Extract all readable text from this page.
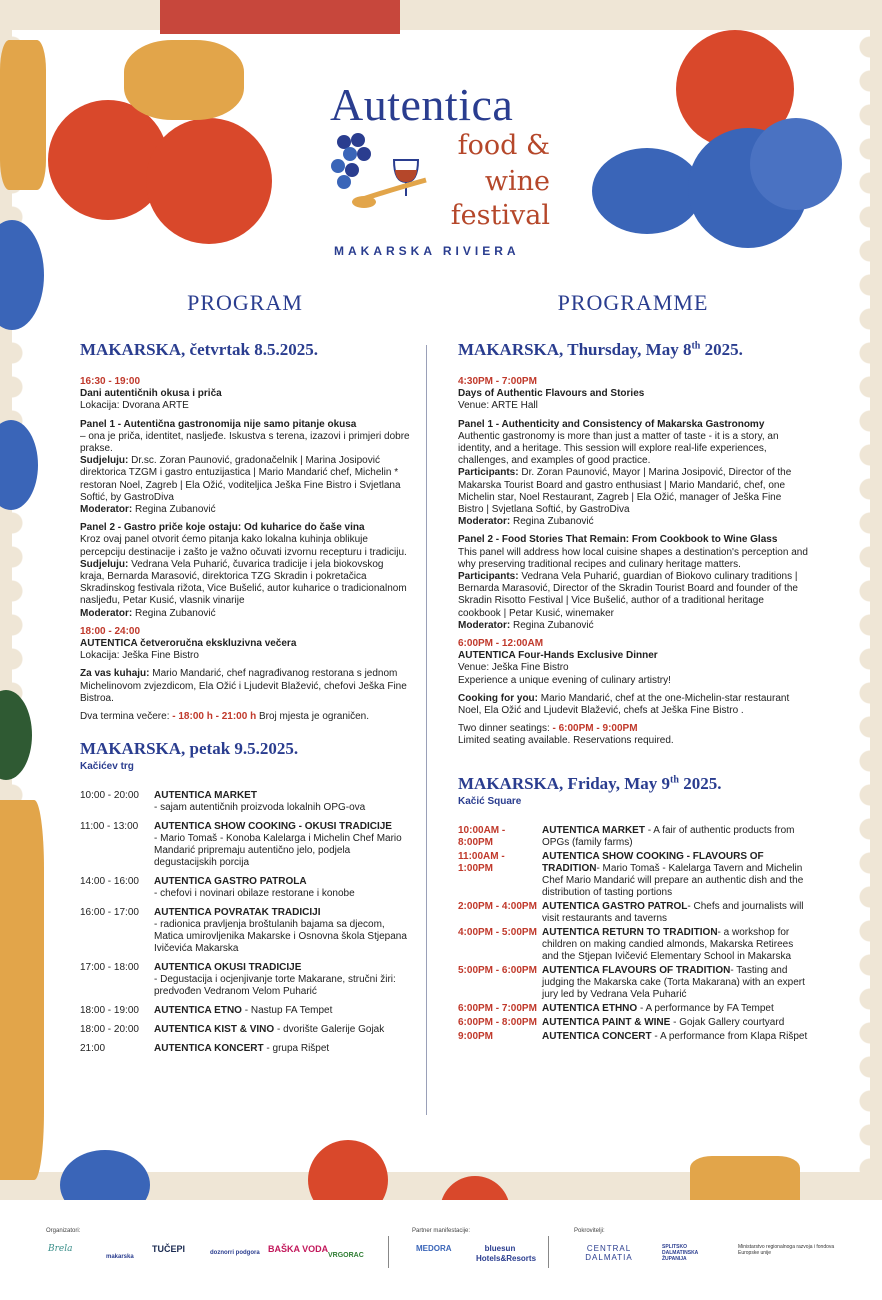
Autentica
food &
wine
festival
MAKARSKA RIVIERA
PROGRAM
MAKARSKA, četvrtak 8.5.2025.

16:30 - 19:00

Dani autentičnih okusa i priča

Lokacija: Dvorana ARTE

Panel 1 - Autentična gastronomija nije samo pitanje okusa

– ona je priča, identitet, nasljeđe. Iskustva s terena, izazovi i primjeri dobre prakse.

Sudjeluju: Dr.sc. Zoran Paunović, gradonačelnik | Marina Josipović direktorica TZGM i gastro entuzijastica | Mario Mandarić chef, Michelin * restoran Noel, Zagreb | Ela Ožić, voditeljica Ješka Fine Bistro i Svjetlana Softić, by GastroDiva

Moderator: Regina Zubanović

Panel 2 - Gastro priče koje ostaju: Od kuharice do čaše vina

Kroz ovaj panel otvorit ćemo pitanja kako lokalna kuhinja oblikuje percepciju destinacije i zašto je važno očuvati izvornu recepturu i tradiciju.

Sudjeluju: Vedrana Vela Puharić, čuvarica tradicije i jela biokovskog kraja, Bernarda Marasović, direktorica TZG Skradin i pokretačica Skradinskog festivala rižota, Vice Bušelić, autor kuharice o tradicionalnom nasljeđu, Petar Kusić, vlasnik vinarije

Moderator: Regina Zubanović

18:00 - 24:00

AUTENTICA četveroručna ekskluzivna večera

Lokacija: Ješka Fine Bistro

Za vas kuhaju: Mario Mandarić, chef nagrađivanog restorana s jednom Michelinovom zvjezdicom, Ela Ožić i Ljudevit Blažević, chefovi Ješka Fine Bistroa.

Dva termina večere: - 18:00 h - 21:00 h Broj mjesta je ograničen.

MAKARSKA, petak 9.5.2025.
Kačićev trg
10:00 - 20:00	AUTENTICA MARKET
- sajam autentičnih proizvoda lokalnih OPG-ova
11:00 - 13:00	AUTENTICA SHOW COOKING - OKUSI TRADICIJE
- Mario Tomaš - Konoba Kalelarga i Michelin Chef Mario Mandarić pripremaju autentično jelo, podjela degustacijskih porcija
14:00 - 16:00	AUTENTICA GASTRO PATROLA
- chefovi i novinari obilaze restorane i konobe
16:00 - 17:00	AUTENTICA POVRATAK TRADICIJI
- radionica pravljenja broštulanih bajama sa djecom, Matica umirovljenika Makarske i Osnovna škola Stjepana Ivičevića Makarska
17:00 - 18:00	AUTENTICA OKUSI TRADICIJE
- Degustacija i ocjenjivanje torte Makarane, stručni žiri: predvođen Vedranom Velom Puharić
18:00 - 19:00	AUTENTICA ETNO - Nastup FA Tempet
18:00 - 20:00	AUTENTICA KIST & VINO - dvorište Galerije Gojak
21:00	AUTENTICA KONCERT - grupa Rišpet
PROGRAMME
MAKARSKA, Thursday, May 8th 2025.

4:30PM - 7:00PM

Days of Authentic Flavours and Stories

Venue: ARTE Hall

Panel 1 - Authenticity and Consistency of Makarska Gastronomy

Authentic gastronomy is more than just a matter of taste - it is a story, an identity, and a heritage. This session will explore real-life experiences, challenges, and examples of good practice.

Participants: Dr. Zoran Paunović, Mayor | Marina Josipović, Director of the Makarska Tourist Board and gastro enthusiast | Mario Mandarić, chef, one Michelin star, Noel Restaurant, Zagreb | Ela Ožić, manager of Ješka Fine Bistro | Svjetlana Softić, by GastroDiva

Moderator: Regina Zubanović

Panel 2 - Food Stories That Remain: From Cookbook to Wine Glass

This panel will address how local cuisine shapes a destination's perception and why preserving traditional recipes and culinary heritage matters.

Participants: Vedrana Vela Puharić, guardian of Biokovo culinary traditions | Bernarda Marasović, Director of the Skradin Tourist Board and founder of the Skradin Risotto Festival | Vice Bušelić, author of a traditional heritage cookbook | Petar Kusić, winemaker

Moderator: Regina Zubanović

6:00PM - 12:00AM

AUTENTICA Four-Hands Exclusive Dinner

Venue: Ješka Fine Bistro

Experience a unique evening of culinary artistry!

Cooking for you: Mario Mandarić, chef at the one-Michelin-star restaurant Noel, Ela Ožić and Ljudevit Blažević, chefs at Ješka Fine Bistro .

Two dinner seatings: - 6:00PM - 9:00PM

Limited seating available. Reservations required.

MAKARSKA, Friday, May 9th 2025.
Kačić Square
10:00AM - 8:00PM
AUTENTICA MARKET - A fair of authentic products from OPGs (family farms)
11:00AM - 1:00PM
AUTENTICA SHOW COOKING - FLAVOURS OF TRADITION- Mario Tomaš - Kalelarga Tavern and Michelin Chef Mario Mandarić will prepare an authentic dish and the distribution of tasting portions
2:00PM - 4:00PM AUTENTICA GASTRO PATROL- Chefs and journalists will visit restaurants and taverns
4:00PM - 5:00PM AUTENTICA RETURN TO TRADITION- a workshop for children on making candied almonds, Makarska Retirees and the Stjepan Ivičević Elementary School in Makarska
5:00PM - 6:00PM AUTENTICA FLAVOURS OF TRADITION- Tasting and judging the Makarska cake (Torta Makarana) with an expert jury led by Vedrana Vela Puharić
6:00PM - 7:00PM AUTENTICA ETHNO - A performance by FA Tempet
6:00PM - 8:00PM AUTENTICA PAINT & WINE - Gojak Gallery courtyard
9:00PM	AUTENTICA CONCERT - A performance from Klapa Rišpet
Organizatori:
Brela
makarska
TUČEPI	doznorri podgora BAŠKA VODA
VRGORAC
Partner manifestacije:
MEDORA	bluesun Hotels&Resorts
Pokrovitelji:
CENTRAL DALMATIA
SPLITSKO DALMATINSKA ŽUPANIJA
Ministarstvo regionalnoga razvoja i fondova Europske unije
